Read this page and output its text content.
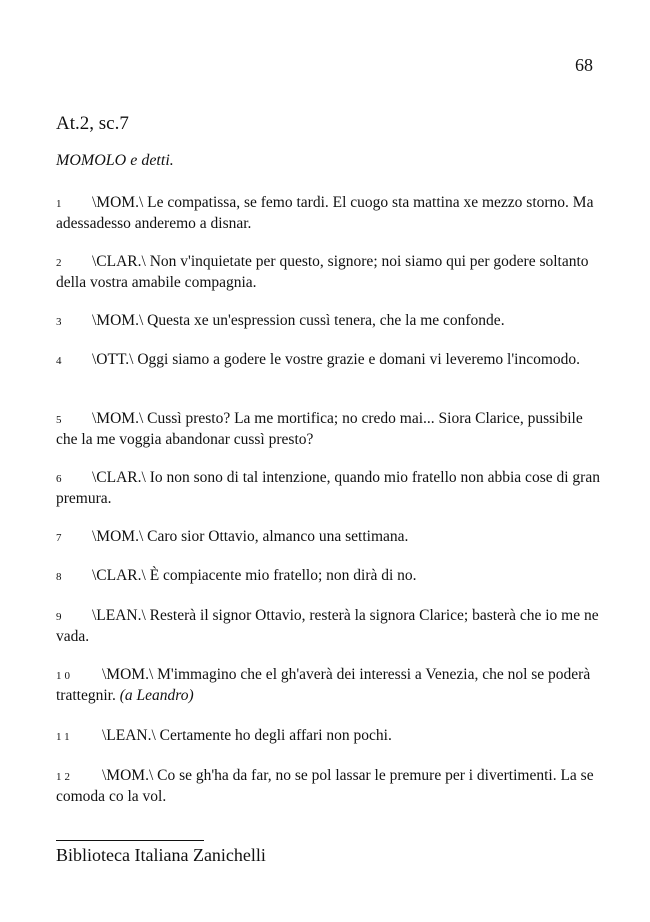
68
At.2, sc.7
MOMOLO e detti.
1 \MOM.\ Le compatissa, se femo tardi. El cuogo sta mattina xe mezzo storno. Ma adessadesso anderemo a disnar.
2 \CLAR.\ Non v'inquietate per questo, signore; noi siamo qui per godere soltanto della vostra amabile compagnia.
3 \MOM.\ Questa xe un'espression cussì tenera, che la me confonde.
4 \OTT.\ Oggi siamo a godere le vostre grazie e domani vi leveremo l'incomodo.
5 \MOM.\ Cussì presto? La me mortifica; no credo mai... Siora Clarice, pussibile che la me voggia abandonar cussì presto?
6 \CLAR.\ Io non sono di tal intenzione, quando mio fratello non abbia cose di gran premura.
7 \MOM.\ Caro sior Ottavio, almanco una settimana.
8 \CLAR.\ È compiacente mio fratello; non dirà di no.
9 \LEAN.\ Resterà il signor Ottavio, resterà la signora Clarice; basterà che io me ne vada.
10 \MOM.\ M'immagino che el gh'averà dei interessi a Venezia, che nol se poderà trattegnir. (a Leandro)
11 \LEAN.\ Certamente ho degli affari non pochi.
12 \MOM.\ Co se gh'ha da far, no se pol lassar le premure per i divertimenti. La se comoda co la vol.
Biblioteca Italiana Zanichelli
